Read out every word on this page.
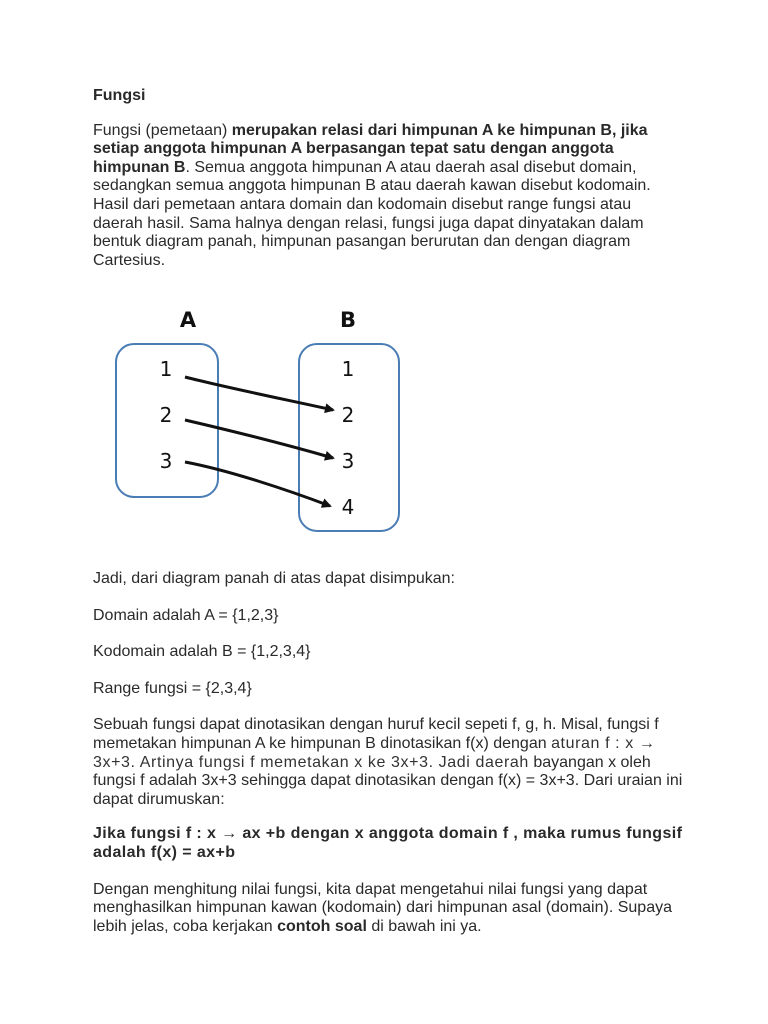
Fungsi

Fungsi (pemetaan) merupakan relasi dari himpunan A ke himpunan B, jika setiap anggota himpunan A berpasangan tepat satu dengan anggota himpunan B. Semua anggota himpunan A atau daerah asal disebut domain, sedangkan semua anggota himpunan B atau daerah kawan disebut kodomain. Hasil dari pemetaan antara domain dan kodomain disebut range fungsi atau daerah hasil. Sama halnya dengan relasi, fungsi juga dapat dinyatakan dalam bentuk diagram panah, himpunan pasangan berurutan dan dengan diagram Cartesius.

A	B
1
2
3
1
2
3
4

Jadi, dari diagram panah di atas dapat disimpukan:

Domain adalah A = {1,2,3}

Kodomain adalah B = {1,2,3,4}

Range fungsi = {2,3,4}

Sebuah fungsi dapat dinotasikan dengan huruf kecil sepeti f, g, h. Misal, fungsi f memetakan himpunan A ke himpunan B dinotasikan f(x) dengan aturan f : x → 3x+3. Artinya fungsi f memetakan x ke 3x+3. Jadi daerah bayangan x oleh fungsi f adalah 3x+3 sehingga dapat dinotasikan dengan f(x) = 3x+3. Dari uraian ini dapat dirumuskan:

Jika fungsi f : x → ax +b dengan x anggota domain f , maka rumus fungsif adalah f(x) = ax+b

Dengan menghitung nilai fungsi, kita dapat mengetahui nilai fungsi yang dapat menghasilkan himpunan kawan (kodomain) dari himpunan asal (domain). Supaya lebih jelas, coba kerjakan contoh soal di bawah ini ya.
